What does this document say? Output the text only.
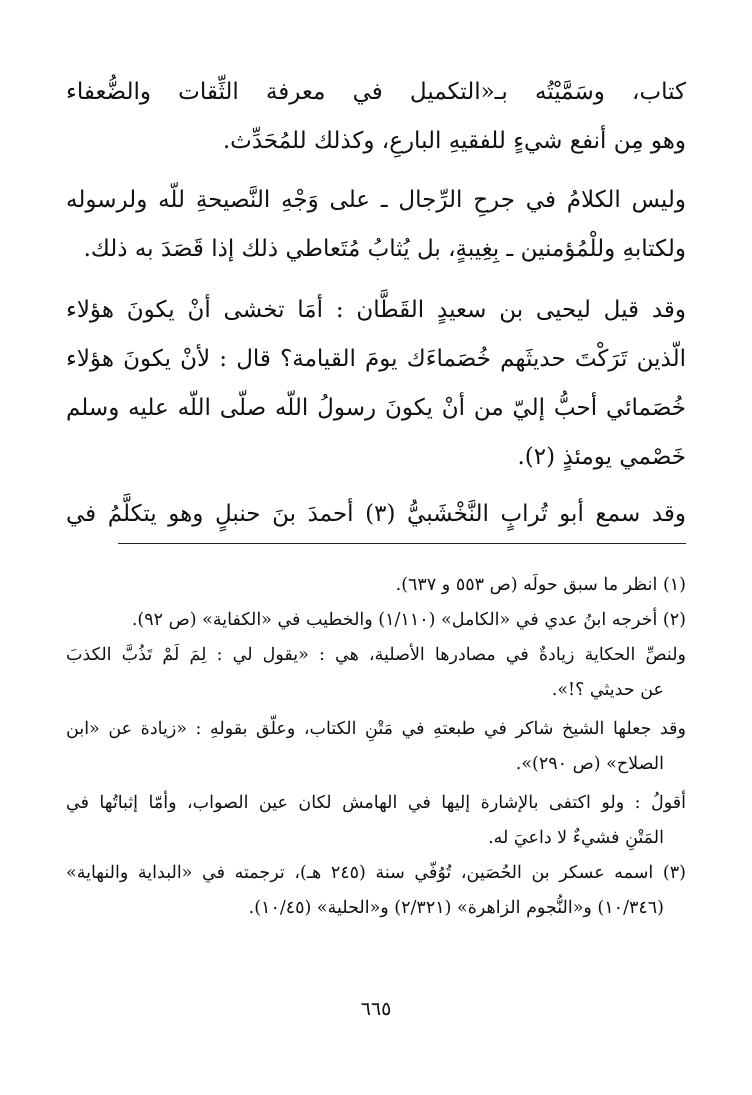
كتاب، وسَمَّيْتُه بـ«التكميل في معرفة الثِّقات والضُّعفاء
وهو مِن أنفع شيءٍ للفقيهِ البارعِ، وكذلك للمُحَدِّث.
وليس الكلامُ في جرحِ الرِّجال ـ على وَجْهِ النَّصيحةِ للّه ولرسوله
ولكتابهِ وللْمُؤمنين ـ بِغِيبةٍ، بل يُثابُ مُتَعاطي ذلك إذا قَصَدَ به ذلك.
وقد قيل ليحيى بن سعيدٍ القَطَّان : أمَا تخشى أنْ يكونَ هؤلاء
الّذين تَرَكْتَ حديثَهم خُصَماءَك يومَ القيامة؟ قال : لأنْ يكونَ هؤلاء
خُصَمائي أحبُّ إليّ من أنْ يكونَ رسولُ اللّه صلّى اللّه عليه وسلم
خَصْمي يومئذٍ (٢).
وقد سمع أبو تُرابٍ النَّخْشَبيُّ (٣) أحمدَ بنَ حنبلٍ وهو يتكلَّمُ في
(١) انظر ما سبق حولَه (ص ٥٥٣ و ٦٣٧).
(٢) أخرجه ابنُ عدي في «الكامل» (١/١١٠) والخطيب في «الكفاية» (ص ٩٢).
ولنصِّ الحكاية زيادةٌ في مصادرها الأصلية، هي : «يقول لي : لِمَ لَمْ تَذُبَّ الكذبَ
عن حديثي ؟!».
وقد جعلها الشيخ شاكر في طبعتهِ في مَتْنِ الكتاب، وعلّق بقولهِ : «زيادة عن «ابن
الصلاح» (ص ٢٩٠)».
أقولُ : ولو اكتفى بالإشارة إليها في الهامش لكان عين الصواب، وأمّا إثباتُها في
المَتْنِ فشيءٌ لا داعيَ له.
(٣) اسمه عسكر بن الحُصَين، تُوُفّي سنة (٢٤٥ هـ)، ترجمته في «البداية والنهاية»
(١٠/٣٤٦) و«النُّجوم الزاهرة» (٢/٣٢١) و«الحلية» (١٠/٤٥).
٦٦٥
